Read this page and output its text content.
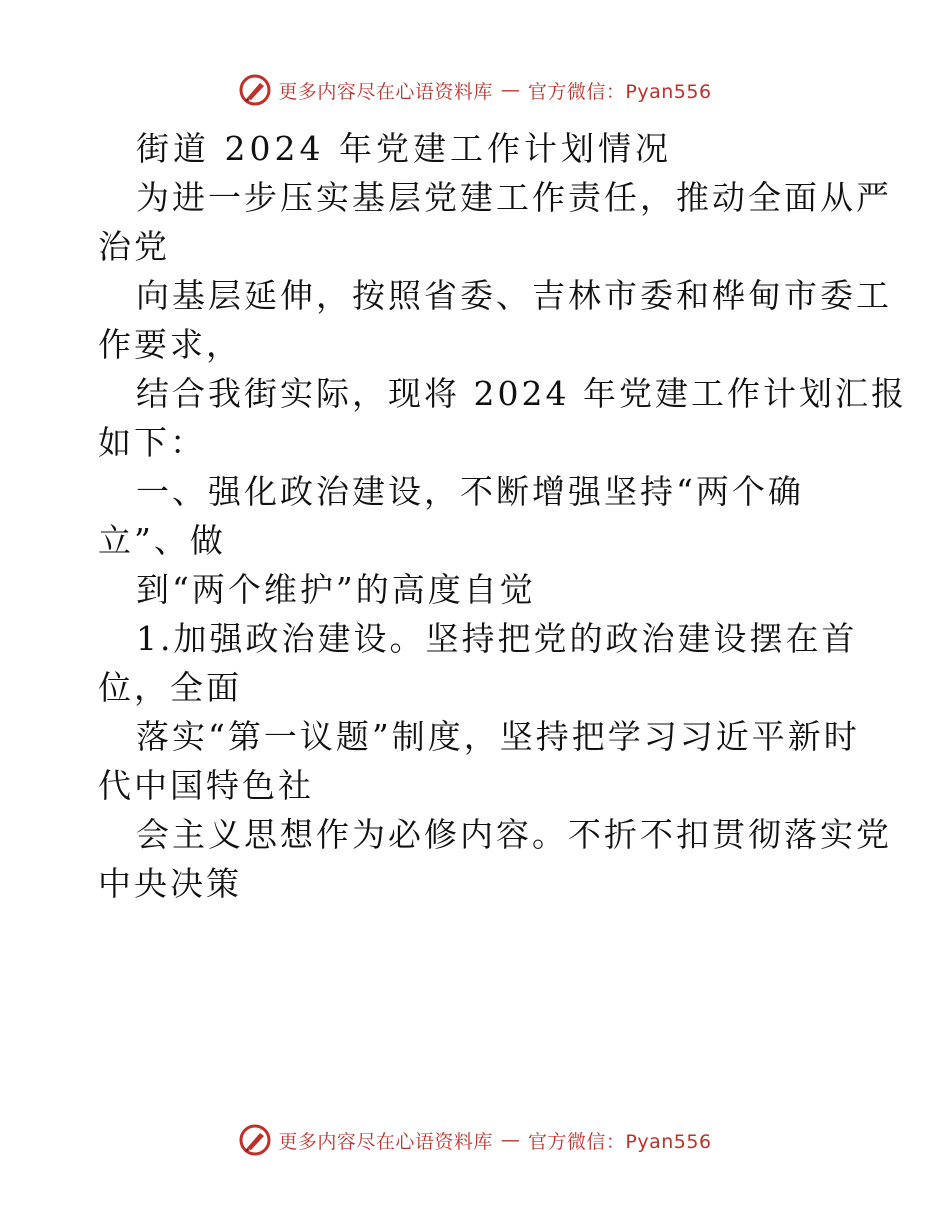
更多内容尽在心语资料库 — 官方微信：Pyan556
街道 2024 年党建工作计划情况
为进一步压实基层党建工作责任，推动全面从严
治党
向基层延伸，按照省委、吉林市委和桦甸市委工
作要求，
结合我街实际，现将 2024 年党建工作计划汇报
如下：
一、强化政治建设，不断增强坚持“两个确
立”、做
到“两个维护”的高度自觉
1.加强政治建设。坚持把党的政治建设摆在首
位，全面
落实“第一议题”制度，坚持把学习习近平新时
代中国特色社
会主义思想作为必修内容。不折不扣贯彻落实党
中央决策
更多内容尽在心语资料库 — 官方微信：Pyan556
